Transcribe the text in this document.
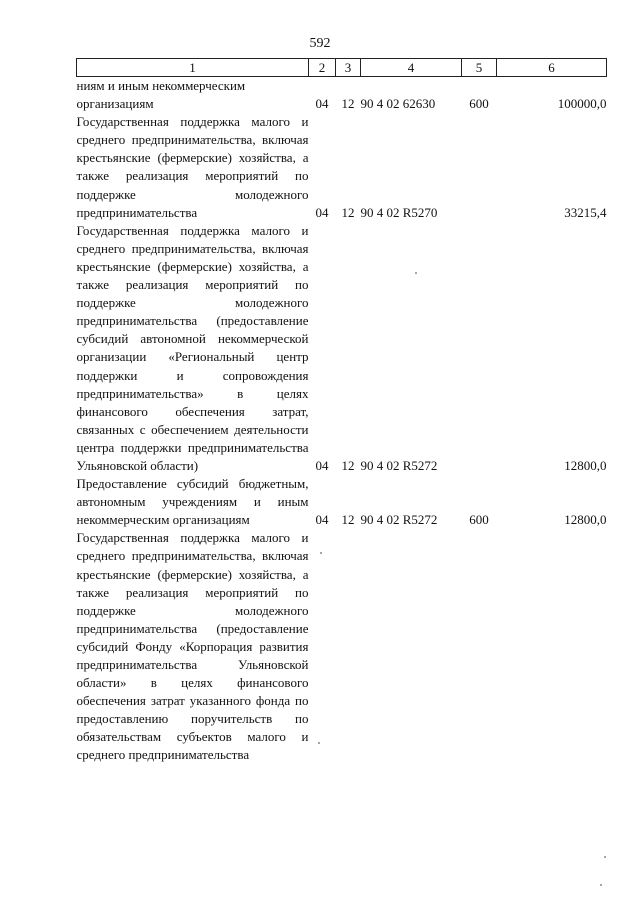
592
1	2	3	4	5	6
ниям и иным некоммерческим
организациям	04	12	90 4 02 62630	600	100000,0
Государственная поддержка малого и среднего предпринимательства, включая крестьянские (фермерские) хозяйства, а также реализация мероприятий по поддержке молодежного предпринимательства	04	12	90 4 02 R5270		33215,4
Государственная поддержка малого и среднего предпринимательства, включая крестьянские (фермерские) хозяйства, а также реализация мероприятий по поддержке молодежного предпринимательства (предоставление субсидий автономной некоммерческой организации «Региональный центр поддержки и сопровождения предпринимательства» в целях финансового обеспечения затрат, связанных с обеспечением деятельности центра поддержки предпринимательства Ульяновской области)	04	12	90 4 02 R5272		12800,0
Предоставление субсидий бюджетным, автономным учреждениям и иным некоммерческим организациям	04	12	90 4 02 R5272	600	12800,0
Государственная поддержка малого и среднего предпринимательства, включая крестьянские (фермерские) хозяйства, а также реализация мероприятий по поддержке молодежного предпринимательства (предоставление субсидий Фонду «Корпорация развития предпринимательства Ульяновской области» в целях финансового обеспечения затрат указанного фонда по предоставлению поручительств по обязательствам субъектов малого и среднего предпринимательства					
